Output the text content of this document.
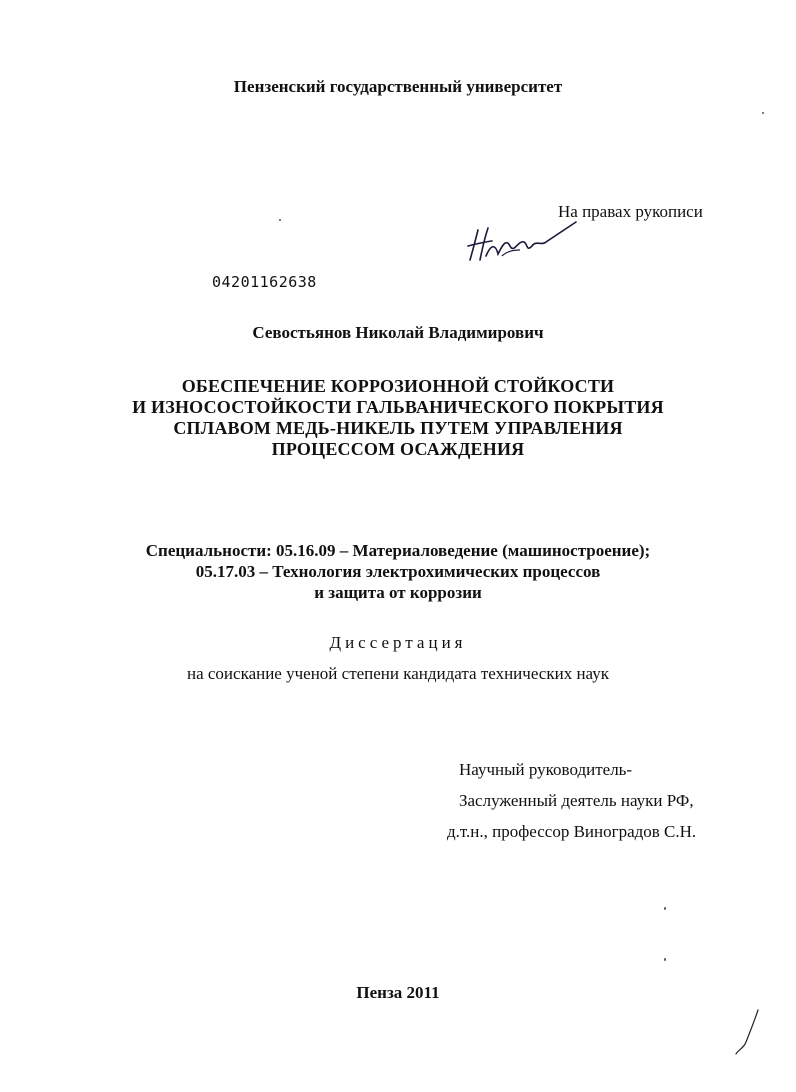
Пензенский государственный университет
На правах рукописи
04201162638
Севостьянов Николай Владимирович
ОБЕСПЕЧЕНИЕ КОРРОЗИОННОЙ СТОЙКОСТИ
И ИЗНОСОСТОЙКОСТИ ГАЛЬВАНИЧЕСКОГО ПОКРЫТИЯ
СПЛАВОМ МЕДЬ-НИКЕЛЬ ПУТЕМ УПРАВЛЕНИЯ
ПРОЦЕССОМ ОСАЖДЕНИЯ
Специальности: 05.16.09 – Материаловедение (машиностроение);
05.17.03 – Технология электрохимических процессов
и защита от коррозии
Диссертация
на соискание ученой степени кандидата технических наук
Научный руководитель-
Заслуженный деятель науки РФ,
д.т.н., профессор Виноградов С.Н.
Пенза 2011
